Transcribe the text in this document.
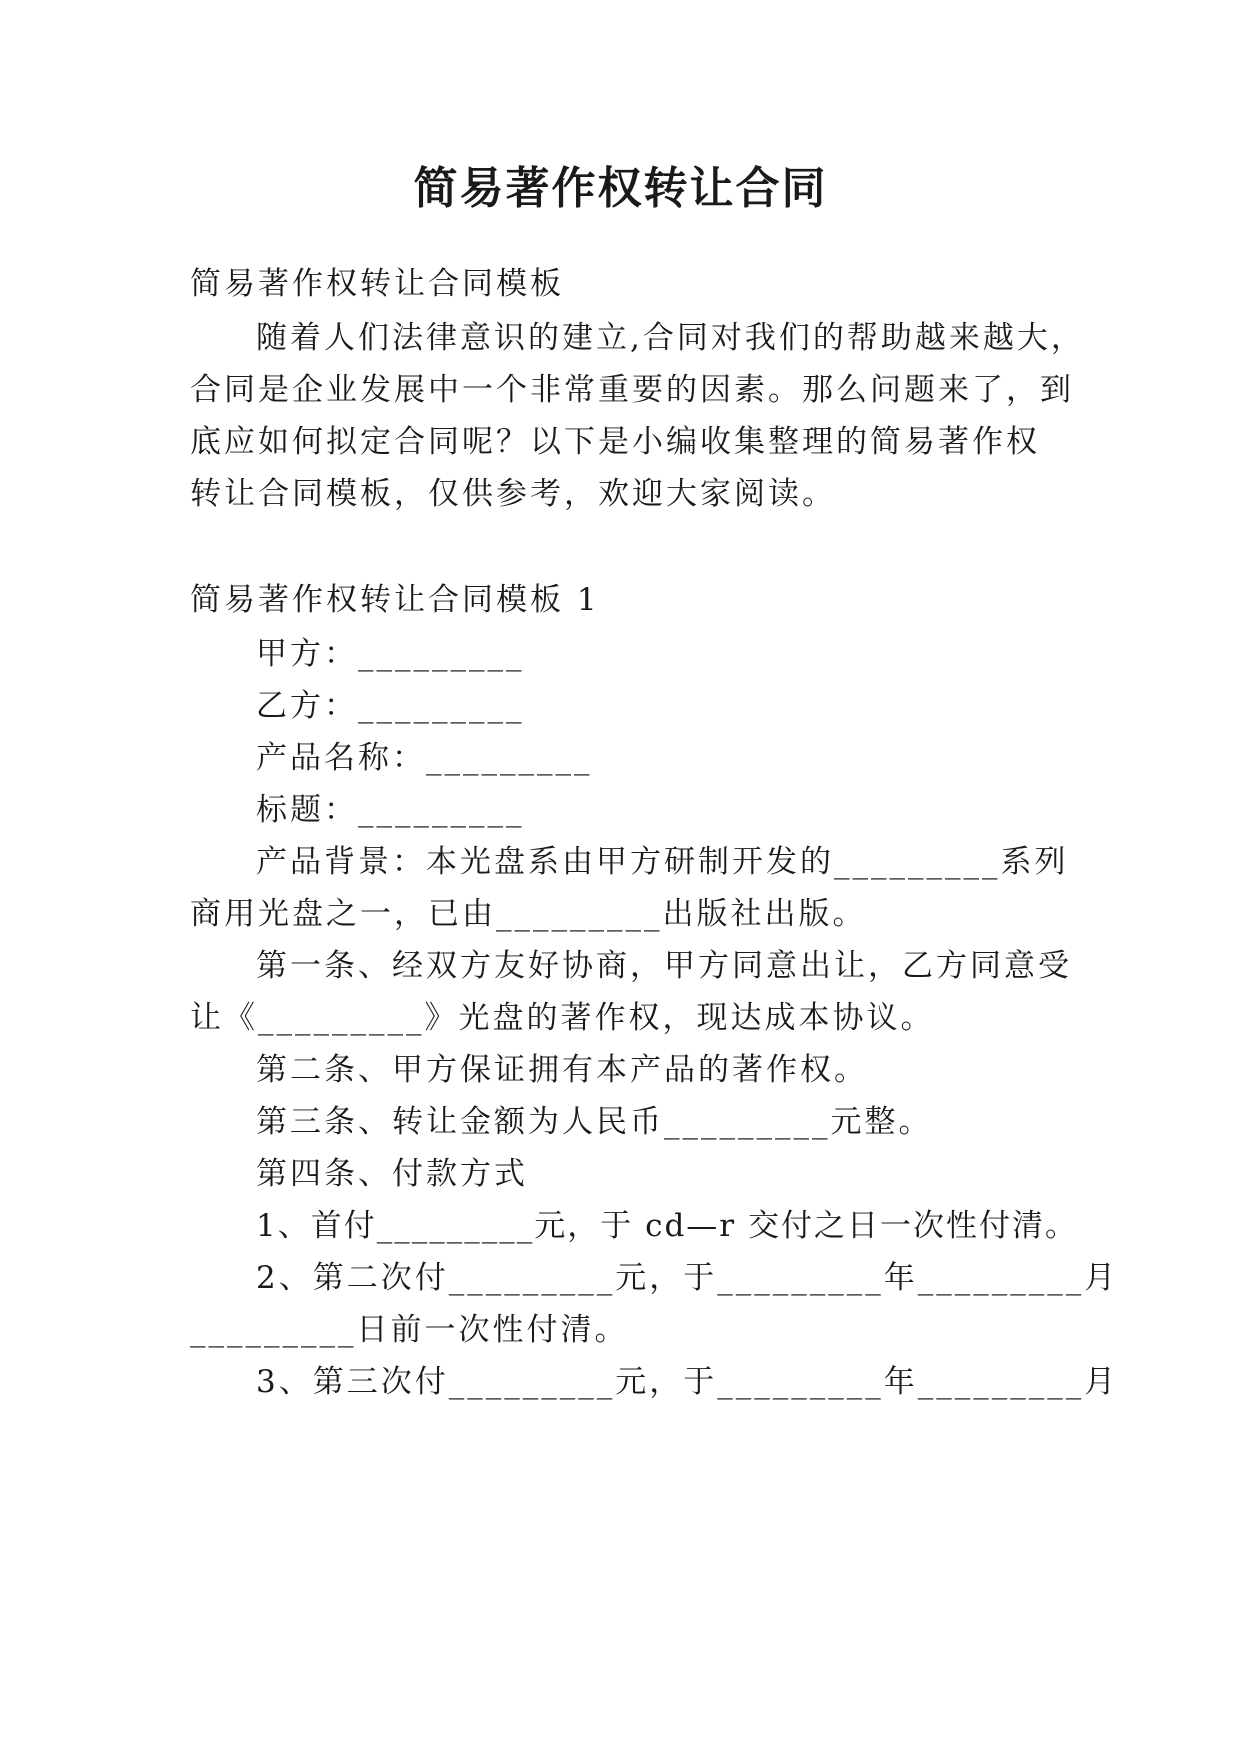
简易著作权转让合同
简易著作权转让合同模板
随着人们法律意识的建立,合同对我们的帮助越来越大，
合同是企业发展中一个非常重要的因素。那么问题来了，到
底应如何拟定合同呢？以下是小编收集整理的简易著作权
转让合同模板，仅供参考，欢迎大家阅读。
简易著作权转让合同模板 1
甲方：_________
乙方：_________
产品名称：_________
标题：_________
产品背景：本光盘系由甲方研制开发的_________系列
商用光盘之一，已由_________出版社出版。
第一条、经双方友好协商，甲方同意出让，乙方同意受
让《_________》光盘的著作权，现达成本协议。
第二条、甲方保证拥有本产品的著作权。
第三条、转让金额为人民币_________元整。
第四条、付款方式
1、首付_________元，于 cd—r 交付之日一次性付清。
2、第二次付_________元，于_________年_________月
_________日前一次性付清。
3、第三次付_________元，于_________年_________月
